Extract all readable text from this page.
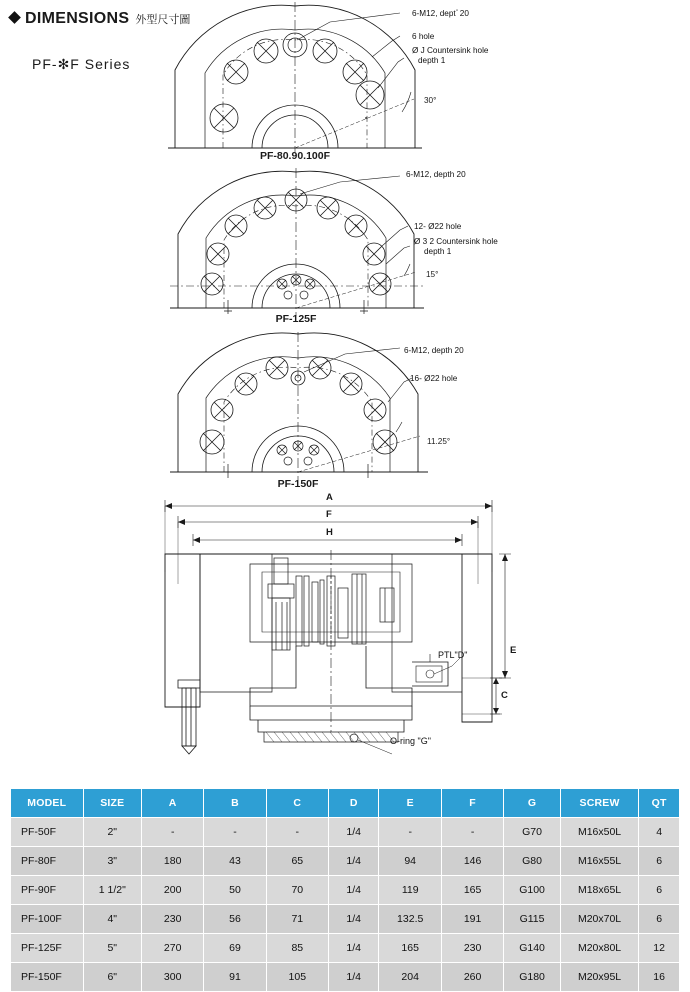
DIMENSIONS 外型尺寸圖
PF-✻F Series
6-M12, deptﾟ20
6 hole
Ø J Countersink hole
depth 1
30°
PF-80.90.100F
6-M12, depth 20
12- Ø22 hole
Ø 3 2 Countersink hole
depth 1
15°
PF-125F
6-M12, depth 20
16- Ø22 hole
11.25°
PF-150F
A
F
H
E
C
PTL"D"
O-ring "G"
MODEL	SIZE	A	B	C	D	E	F	G	SCREW	QT
PF-50F	2"	-	-	-	1/4	-	-	G70	M16x50L	4
PF-80F	3"	180	43	65	1/4	94	146	G80	M16x55L	6
PF-90F	1 1/2"	200	50	70	1/4	119	165	G100	M18x65L	6
PF-100F	4"	230	56	71	1/4	132.5	191	G115	M20x70L	6
PF-125F	5"	270	69	85	1/4	165	230	G140	M20x80L	12
PF-150F	6"	300	91	105	1/4	204	260	G180	M20x95L	16
